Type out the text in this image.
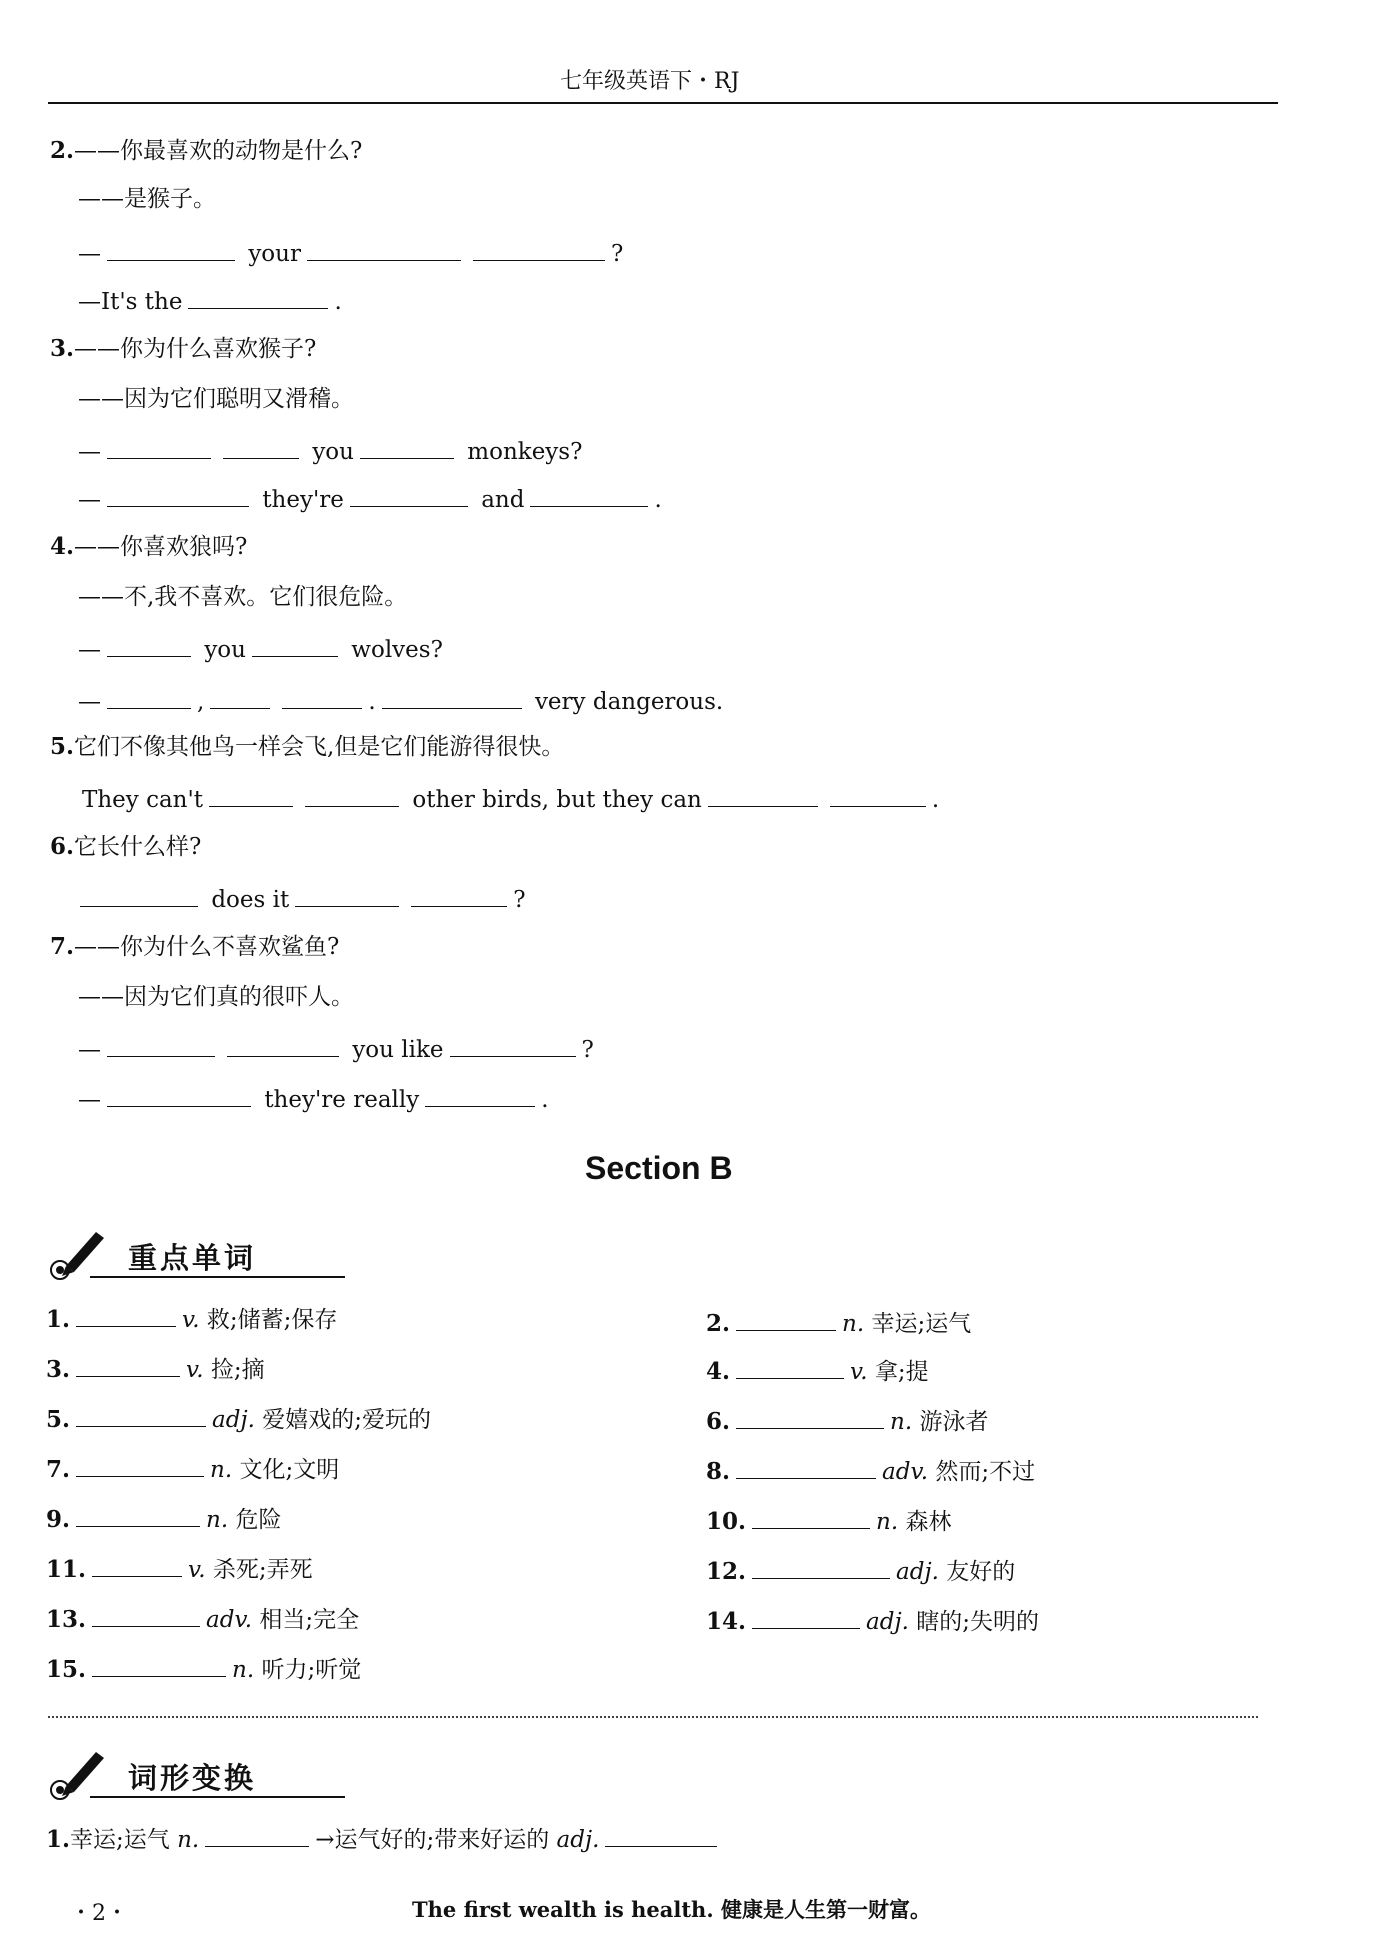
七年级英语下・RJ
2.——你最喜欢的动物是什么?
——是猴子。
—	your	?
—It's the	.
3.——你为什么喜欢猴子?
——因为它们聪明又滑稽。
—	you	monkeys?
—	they're	and	.
4.——你喜欢狼吗?
——不,我不喜欢。它们很危险。
—	you	wolves?
—	,	.	very dangerous.
5.它们不像其他鸟一样会飞,但是它们能游得很快。
They can't	other birds, but they can	.
6.它长什么样?
does it	?
7.——你为什么不喜欢鲨鱼?
——因为它们真的很吓人。
—	you like	?
—	they're really	.
Section B
重点单词
1.	v. 救;储蓄;保存	2.	n. 幸运;运气
3.	v. 捡;摘	4.	v. 拿;提
5.	adj. 爱嬉戏的;爱玩的	6.	n. 游泳者
7.	n. 文化;文明	8.	adv. 然而;不过
9.	n. 危险	10.	n. 森林
11.	v. 杀死;弄死	12.	adj. 友好的
13.	adv. 相当;完全	14.	adj. 瞎的;失明的
15.	n. 听力;听觉
词形变换
1.幸运;运气 n.	→运气好的;带来好运的 adj.
・2・	The first wealth is health. 健康是人生第一财富。
